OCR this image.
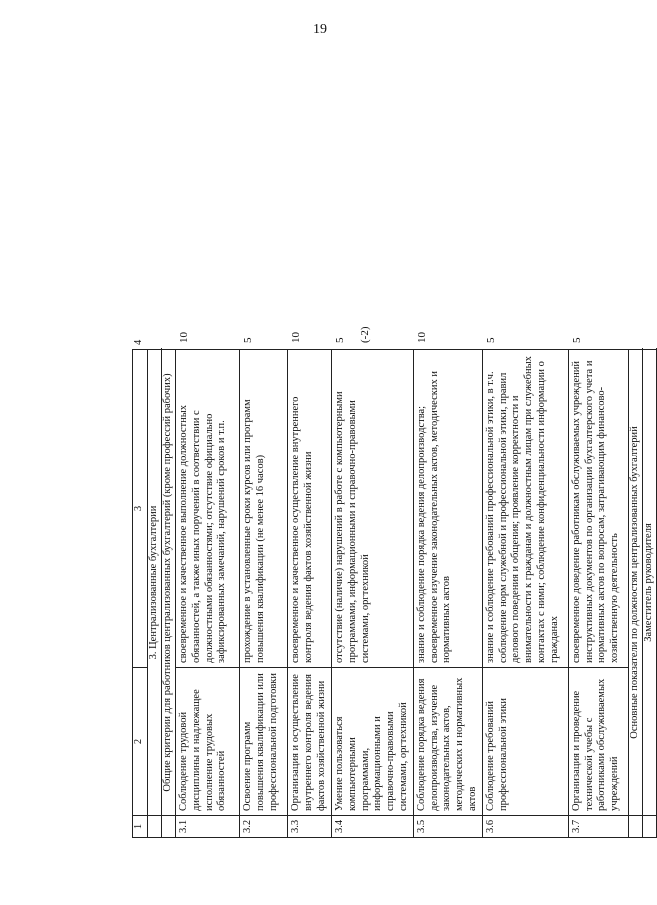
19
1	2	3	4
	3. Централизованные бухгалтерии		
	Общие критерии для работников централизованных бухгалтерий (кроме профессий рабочих)		
3.1	Соблюдение трудовой дисциплины и надлежащее исполнение трудовых обязанностей	своевременное и качественное выполнение должностных обязанностей, а также иных поручений в соответствии с должностными обязанностями; отсутствие официально зафиксированных замечаний, нарушений сроков и т.п.	10
3.2	Освоение программ повышения квалификации или профессиональной подготовки	прохождение в установленные сроки курсов или программ повышения квалификации (не менее 16 часов)	5
3.3	Организация и осуществление внутреннего контроля ведения фактов хозяйственной жизни	своевременное и качественное осуществление внутреннего контроля ведения фактов хозяйственной жизни	10
3.4	Умение пользоваться компьютерными программами, информационными и справочно-правовыми системами, оргтехникой	отсутствие (наличие) нарушений в работе с компьютерными программами, информационными и справочно-правовыми системами, оргтехникой	5 (-2)

3.5	Соблюдение порядка ведения делопроизводства, изучение законодательных актов, методических и нормативных актов	знание и соблюдение порядка ведения делопроизводства; своевременное изучение законодательных актов, методических и нормативных актов	10
3.6	Соблюдение требований профессиональной этики	знание и соблюдение требований профессиональной этики, в т.ч. соблюдение норм служебной и профессиональной этики, правил делового поведения и общения; проявление корректности и внимательности к гражданам и должностным лицам при служебных контактах с ними; соблюдение конфиденциальности информации о гражданах	5
3.7	Организация и проведение технической учебы с работниками обслуживаемых учреждений	своевременное доведение работникам обслуживаемых учреждений инструктивных документов по организации бухгалтерского учета и нормативных актов по вопросам, затрагивающим финансово-хозяйственную деятельность	5
	Основные показатели по должностям централизованных бухгалтерий		
	Заместитель руководителя		
